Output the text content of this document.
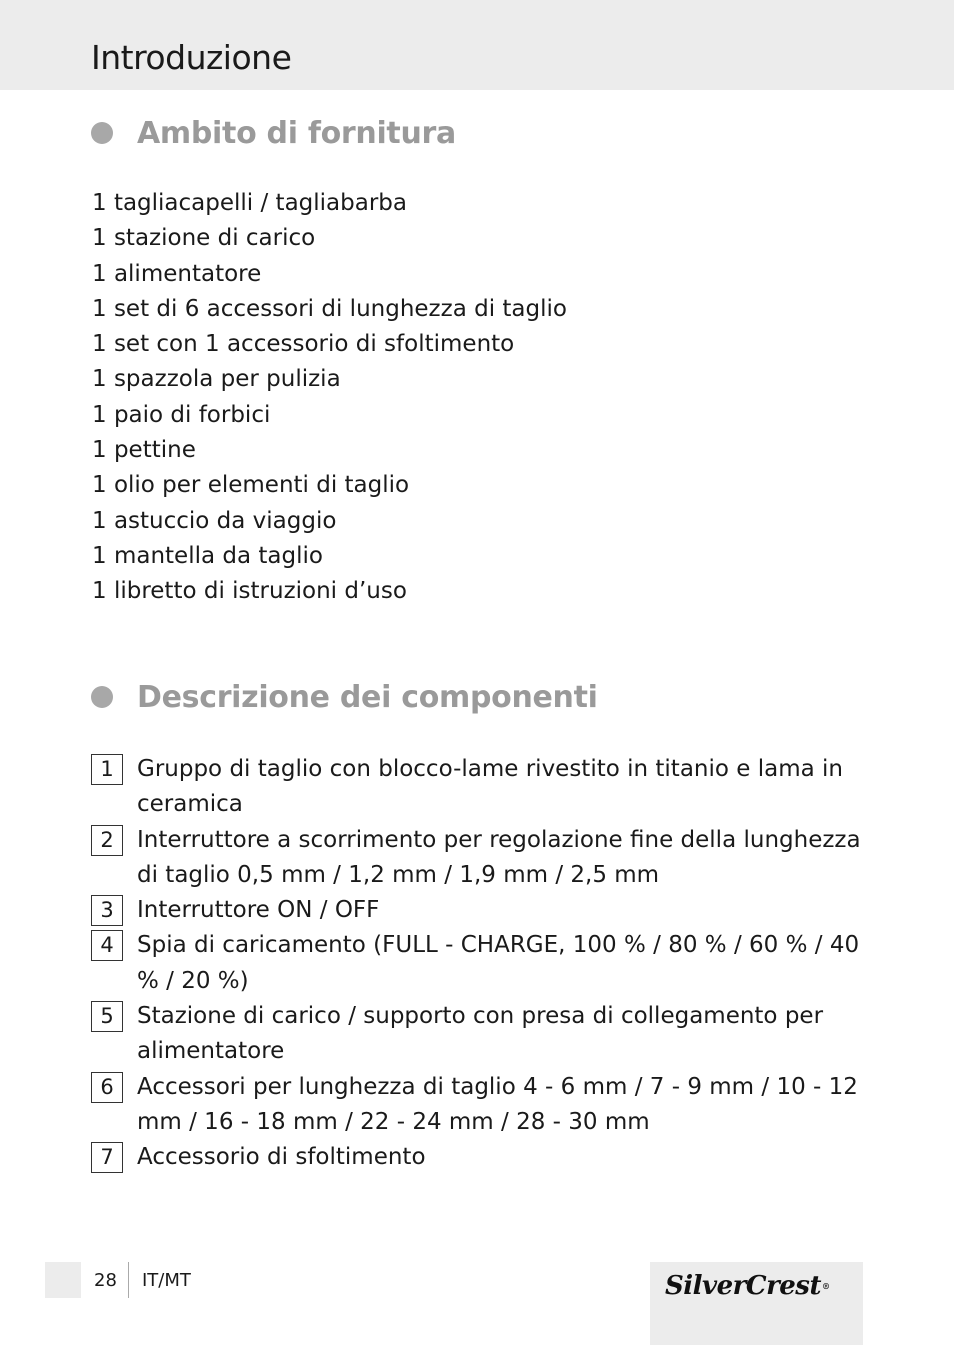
Introduzione
Ambito di fornitura
1 tagliacapelli / tagliabarba
1 stazione di carico
1 alimentatore
1 set di 6 accessori di lunghezza di taglio
1 set con 1 accessorio di sfoltimento
1 spazzola per pulizia
1 paio di forbici
1 pettine
1 olio per elementi di taglio
1 astuccio da viaggio
1 mantella da taglio
1 libretto di istruzioni d’uso
Descrizione dei componenti
1	Gruppo di taglio con blocco-lame rivestito in titanio e lama in ceramica
2	Interruttore a scorrimento per regolazione fine della lunghezza di taglio 0,5 mm / 1,2 mm / 1,9 mm / 2,5 mm
3	Interruttore ON / OFF
4	Spia di caricamento (FULL - CHARGE, 100 % / 80 % / 60 % / 40 % / 20 %)
5	Stazione di carico / supporto con presa di collegamento per alimentatore
6	Accessori per lunghezza di taglio 4 - 6 mm / 7 - 9 mm / 10 - 12 mm / 16 - 18 mm / 22 - 24 mm / 28 - 30 mm
7	Accessorio di sfoltimento
28 IT/MT	SilverCrest®
